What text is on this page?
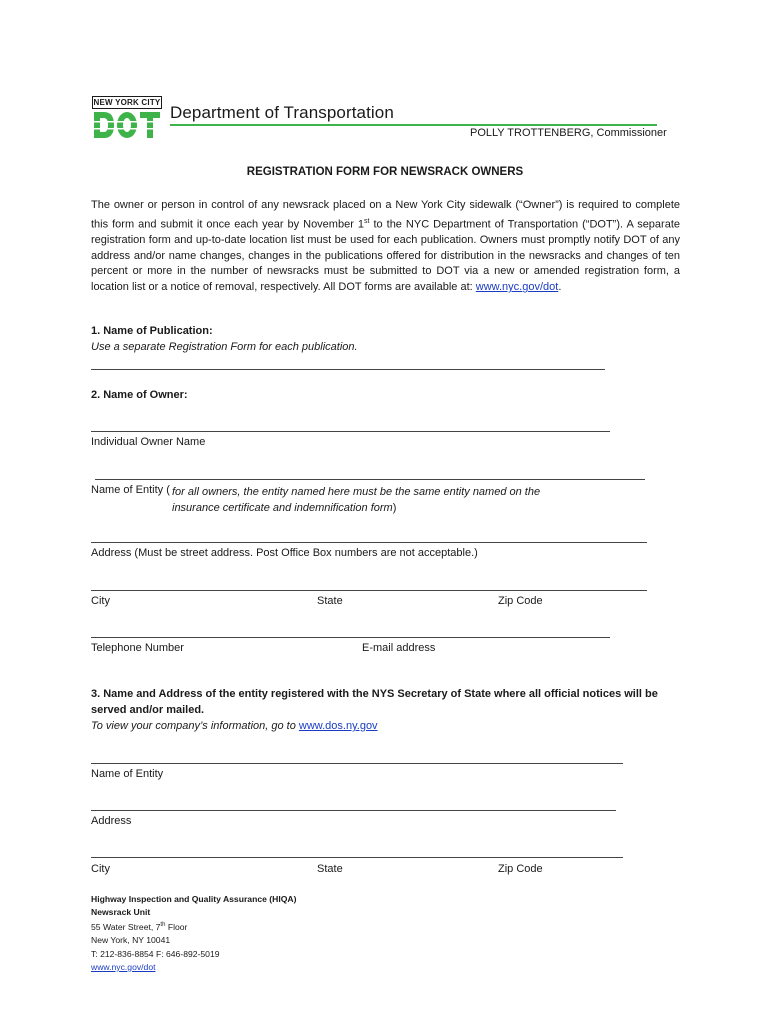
NEW YORK CITY
Department of Transportation
POLLY TROTTENBERG, Commissioner
REGISTRATION FORM FOR NEWSRACK OWNERS
The owner or person in control of any newsrack placed on a New York City sidewalk (“Owner”) is required to complete this form and submit it once each year by November 1st to the NYC Department of Transportation (“DOT”). A separate registration form and up-to-date location list must be used for each publication. Owners must promptly notify DOT of any address and/or name changes, changes in the publications offered for distribution in the newsracks and changes of ten percent or more in the number of newsracks must be submitted to DOT via a new or amended registration form, a location list or a notice of removal, respectively. All DOT forms are available at: www.nyc.gov/dot.
1. Name of Publication:
Use a separate Registration Form for each publication.
2. Name of Owner:
Individual Owner Name
Name of Entity ( for all owners, the entity named here must be the same entity named on the insurance certificate and indemnification form)
Address (Must be street address. Post Office Box numbers are not acceptable.)
City	State	Zip Code
Telephone Number	E-mail address
3. Name and Address of the entity registered with the NYS Secretary of State where all official notices will be served and/or mailed.
To view your company’s information, go to www.dos.ny.gov
Name of Entity
Address
City	State	Zip Code
Highway Inspection and Quality Assurance (HIQA)
Newsrack Unit
55 Water Street, 7th Floor
New York, NY 10041
T: 212-836-8854 F: 646-892-5019
www.nyc.gov/dot
